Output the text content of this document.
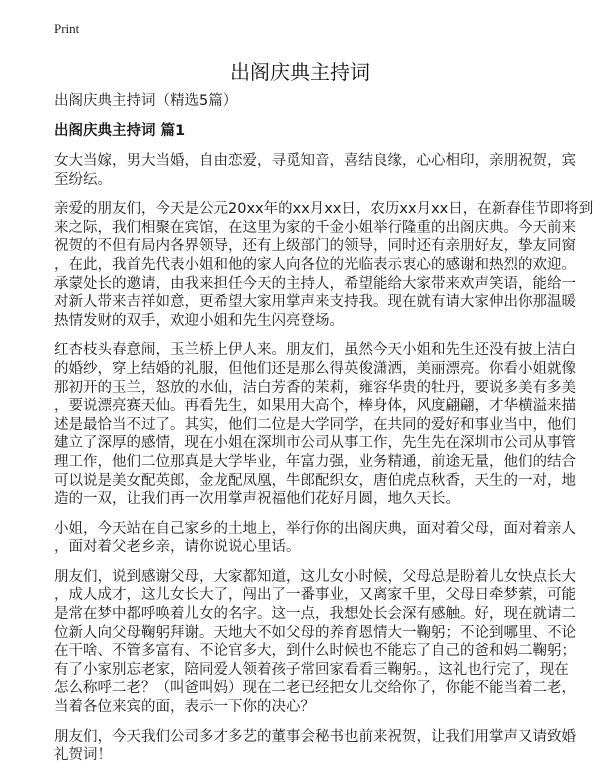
Print
出阁庆典主持词
出阁庆典主持词（精选5篇）
出阁庆典主持词 篇1
女大当嫁，男大当婚，自由恋爱，寻觅知音，喜结良缘，心心相印，亲朋祝贺，宾
至纷纭。
亲爱的朋友们，今天是公元20xx年的xx月xx日，农历xx月xx日，在新春佳节即将到
来之际，我们相聚在宾馆，在这里为家的千金小姐举行隆重的出阁庆典。今天前来
祝贺的不但有局内各界领导，还有上级部门的领导，同时还有亲朋好友，挚友同窗
，在此，我首先代表小姐和他的家人向各位的光临表示衷心的感谢和热烈的欢迎。
承蒙处长的邀请，由我来担任今天的主持人，希望能给大家带来欢声笑语，能给一
对新人带来吉祥如意，更希望大家用掌声来支持我。现在就有请大家伸出你那温暖
热情发财的双手，欢迎小姐和先生闪亮登场。
红杏枝头春意闹，玉兰桥上伊人来。朋友们，虽然今天小姐和先生还没有披上洁白
的婚纱，穿上结婚的礼服，但他们还是那么得英俊潇洒，美丽漂亮。你看小姐就像
那初开的玉兰，怒放的水仙，洁白芳香的茉莉，雍容华贵的牡丹，要说多美有多美
，要说漂亮赛天仙。再看先生，如果用大高个，棒身体，风度翩翩，才华横溢来描
述是最恰当不过了。其实，他们二位是大学同学，在共同的爱好和事业当中，他们
建立了深厚的感情，现在小姐在深圳市公司从事工作，先生先在深圳市公司从事管
理工作，他们二位那真是大学毕业，年富力强，业务精通，前途无量，他们的结合
可以说是美女配英郎，金龙配凤凰，牛郎配织女，唐伯虎点秋香，天生的一对，地
造的一双，让我们再一次用掌声祝福他们花好月圆，地久天长。
小姐，今天站在自己家乡的土地上，举行你的出阁庆典，面对着父母，面对着亲人
，面对着父老乡亲，请你说说心里话。
朋友们，说到感谢父母，大家都知道，这儿女小时候，父母总是盼着儿女快点长大
，成人成才，这儿女长大了，闯出了一番事业，又离家千里，父母日牵梦萦，可能
是常在梦中都呼唤着儿女的名字。这一点，我想处长会深有感触。好，现在就请二
位新人向父母鞠躬拜谢。天地大不如父母的养育恩情大一鞠躬；不论到哪里、不论
在干啥、不管多富有、不论官多大，到什么时候也不能忘了自己的爸和妈二鞠躬；
有了小家别忘老家，陪同爱人领着孩子常回家看看三鞠躬。，这礼也行完了，现在
怎么称呼二老？（叫爸叫妈）现在二老已经把女儿交给你了，你能不能当着二老，
当着各位来宾的面，表示一下你的决心？
朋友们，今天我们公司多才多艺的董事会秘书也前来祝贺，让我们用掌声又请致婚
礼贺词！
